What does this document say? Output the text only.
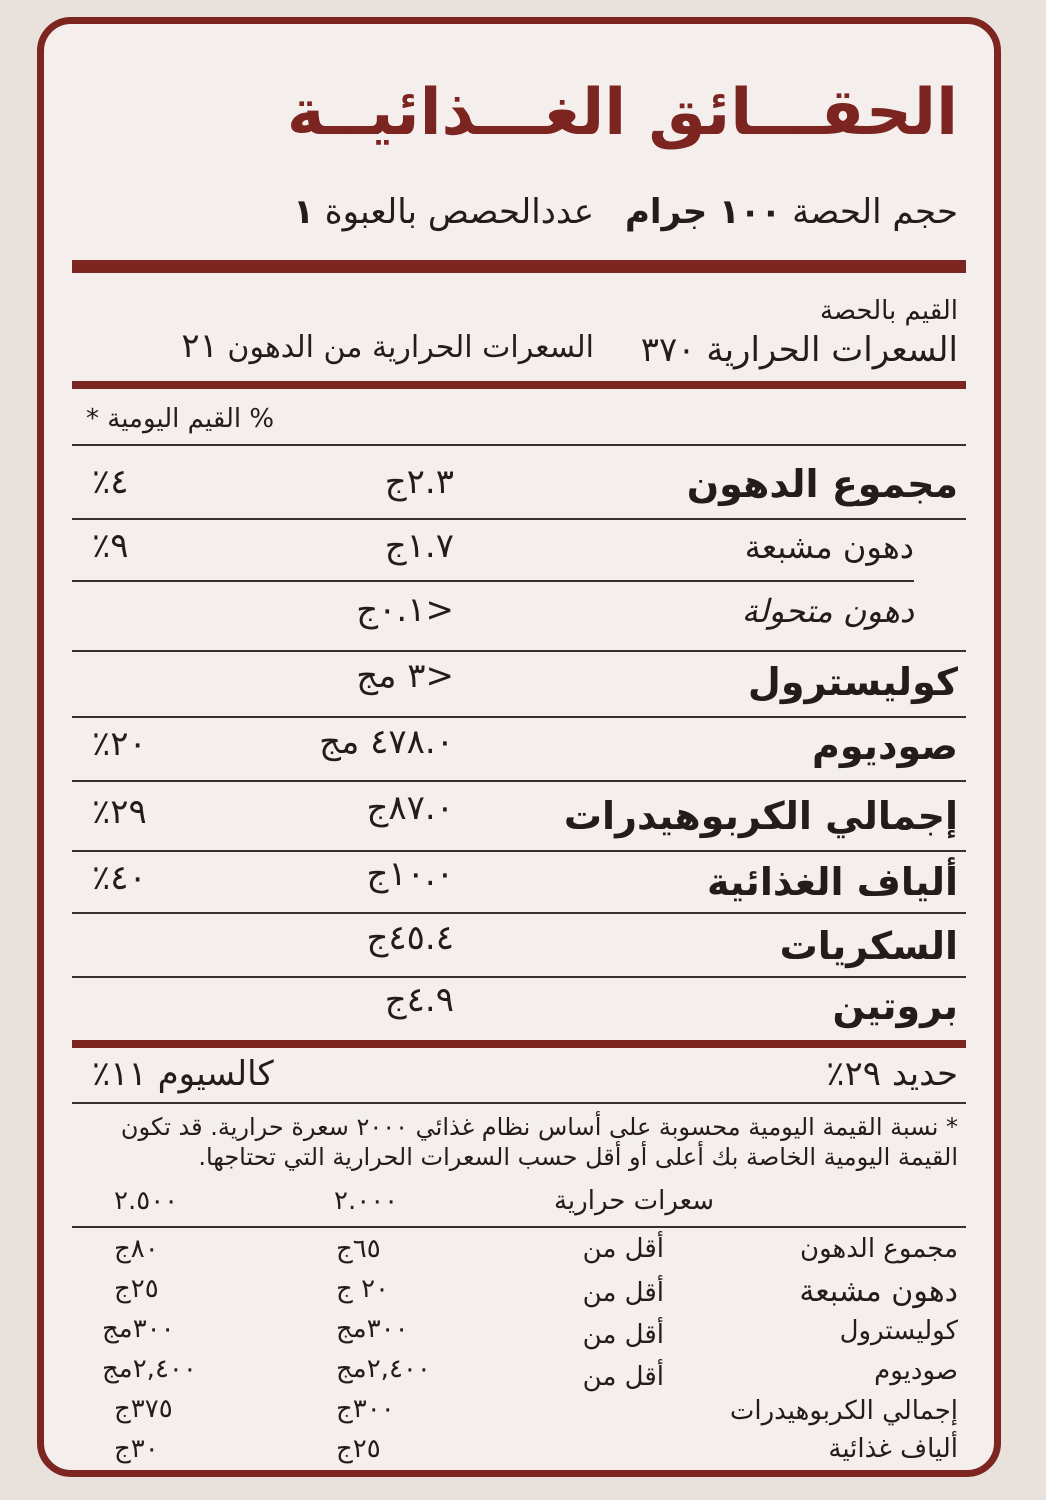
الحقـــائق الغـــذائيــة
حجم الحصة ١٠٠ جرام
عددالحصص بالعبوة ١
القيم بالحصة
السعرات الحرارية ٣٧٠
السعرات الحرارية من الدهون ٢١
% القيم اليومية *
مجموع الدهون
٢.٣ج
٤٪
دهون مشبعة
١.٧ج
٩٪
دهون متحولة
<٠.١ج
كوليسترول
<٣ مج
صوديوم
٤٧٨.٠ مج
٢٠٪
إجمالي الكربوهيدرات
٨٧.٠ج
٢٩٪
ألياف الغذائية
١٠.٠ج
٤٠٪
السكريات
٤٥.٤ج
بروتين
٤.٩ج
حديد ٢٩٪
كالسيوم ١١٪
* نسبة القيمة اليومية محسوبة على أساس نظام غذائي ٢٠٠٠ سعرة حرارية. قد تكون
القيمة اليومية الخاصة بك أعلى أو أقل حسب السعرات الحرارية التي تحتاجها.
سعرات حرارية
٢.٠٠٠
٢.٥٠٠
مجموع الدهون
أقل من
٦٥ج
٨٠ج
دهون مشبعة
أقل من
٢٠ ج
٢٥ج
كوليسترول
أقل من
٣٠٠مج
٣٠٠مج
صوديوم
أقل من
٢,٤٠٠مج
٢,٤٠٠مج
إجمالي الكربوهيدرات
٣٠٠ج
٣٧٥ج
ألياف غذائية
٢٥ج
٣٠ج
